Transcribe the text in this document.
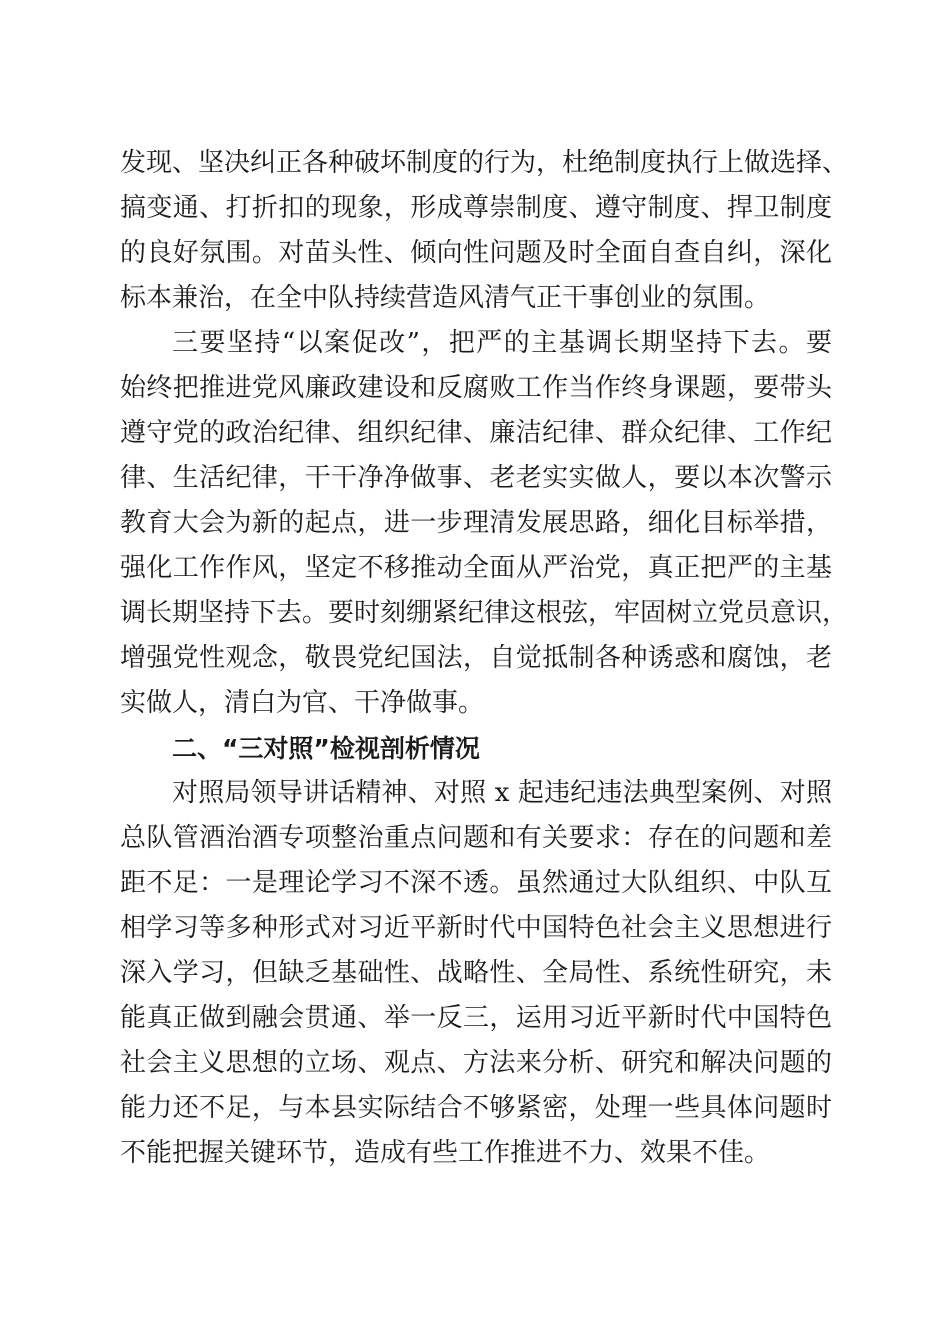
发现、坚决纠正各种破坏制度的行为，杜绝制度执行上做选择、
搞变通、打折扣的现象，形成尊崇制度、遵守制度、捍卫制度
的良好氛围。对苗头性、倾向性问题及时全面自查自纠，深化
标本兼治，在全中队持续营造风清气正干事创业的氛围。
三要坚持“以案促改”，把严的主基调长期坚持下去。要
始终把推进党风廉政建设和反腐败工作当作终身课题，要带头
遵守党的政治纪律、组织纪律、廉洁纪律、群众纪律、工作纪
律、生活纪律，干干净净做事、老老实实做人，要以本次警示
教育大会为新的起点，进一步理清发展思路，细化目标举措，
强化工作作风，坚定不移推动全面从严治党，真正把严的主基
调长期坚持下去。要时刻绷紧纪律这根弦，牢固树立党员意识，
增强党性观念，敬畏党纪国法，自觉抵制各种诱惑和腐蚀，老
实做人，清白为官、干净做事。
二、“三对照”检视剖析情况
对照局领导讲话精神、对照 x 起违纪违法典型案例、对照
总队管酒治酒专项整治重点问题和有关要求：存在的问题和差
距不足：一是理论学习不深不透。虽然通过大队组织、中队互
相学习等多种形式对习近平新时代中国特色社会主义思想进行
深入学习，但缺乏基础性、战略性、全局性、系统性研究，未
能真正做到融会贯通、举一反三，运用习近平新时代中国特色
社会主义思想的立场、观点、方法来分析、研究和解决问题的
能力还不足，与本县实际结合不够紧密，处理一些具体问题时
不能把握关键环节，造成有些工作推进不力、效果不佳。
